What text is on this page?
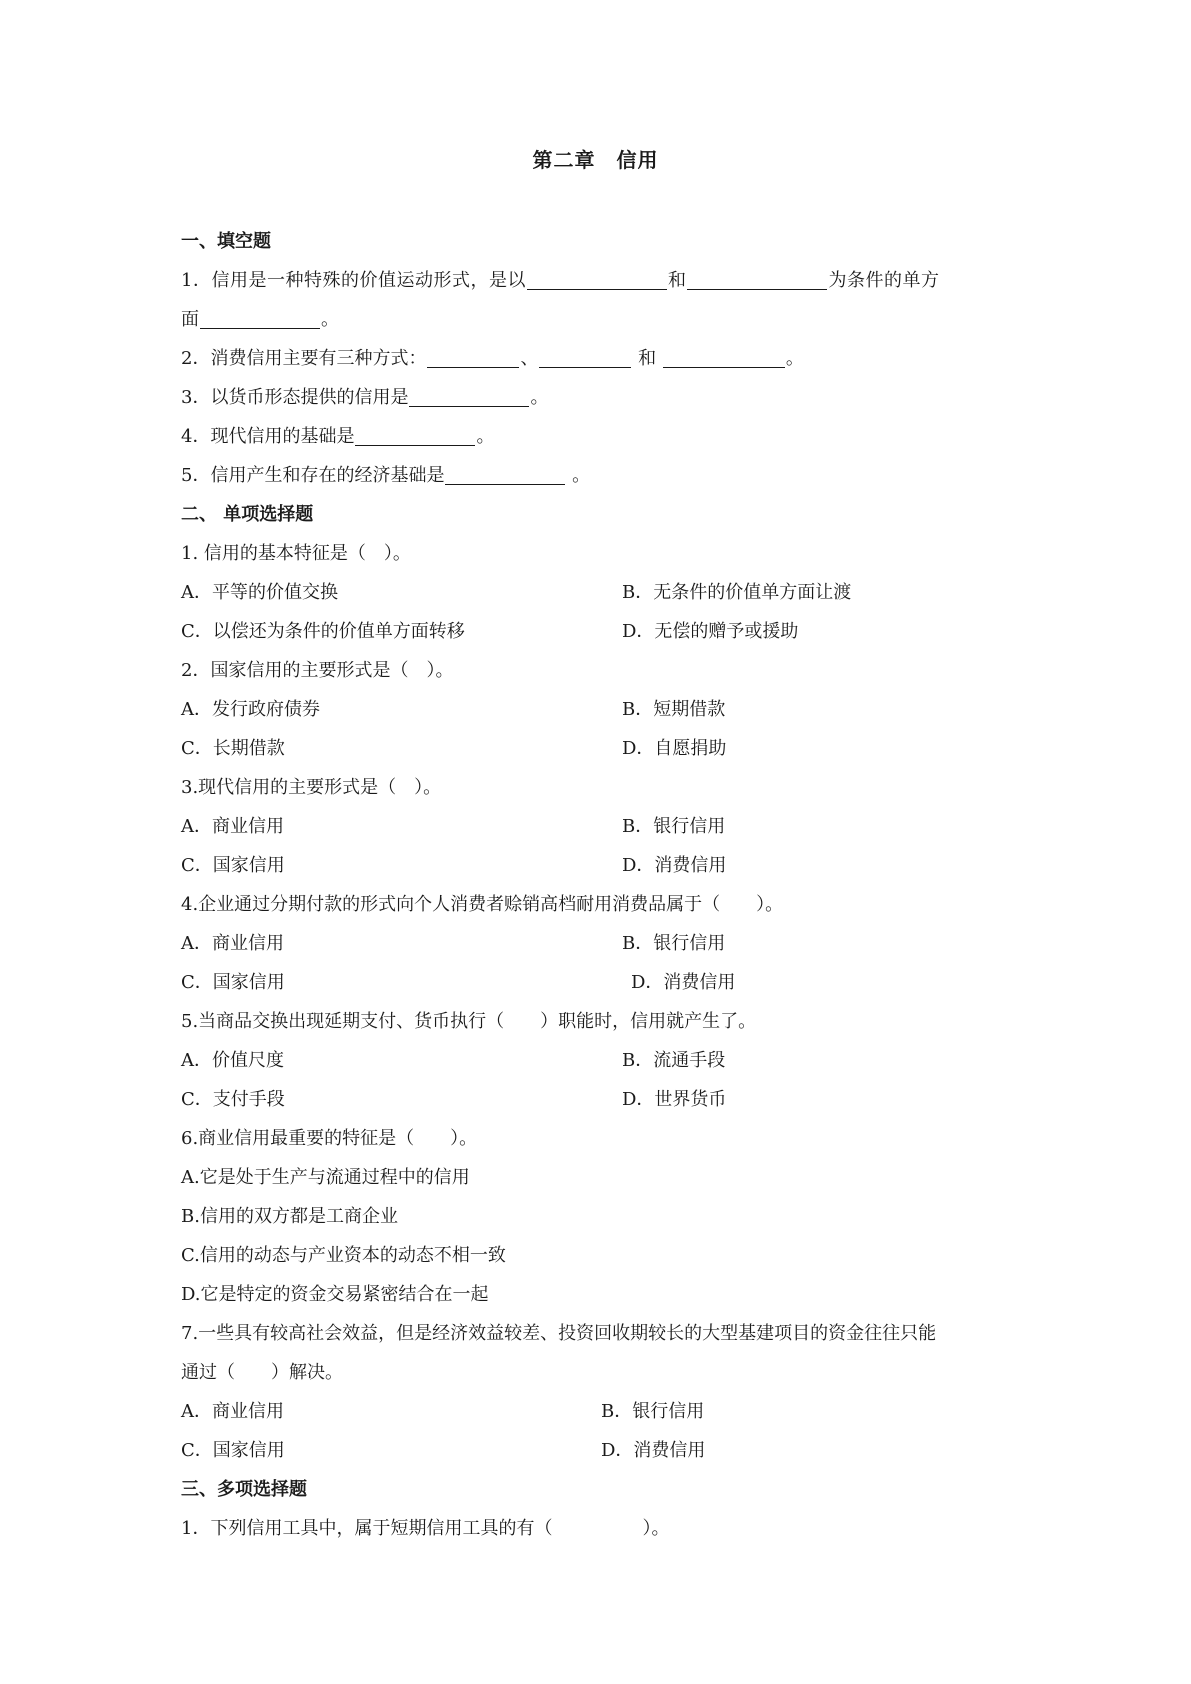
第二章　信用
一、填空题
1．信用是一种特殊的价值运动形式，是以	和	为条件的单方
面	。
2．消费信用主要有三种方式：	、	和	。
3．以货币形态提供的信用是	。
4．现代信用的基础是	。
5．信用产生和存在的经济基础是	。
二、 单项选择题
1. 信用的基本特征是（　）。
A．平等的价值交换	B．无条件的价值单方面让渡
C．以偿还为条件的价值单方面转移	D．无偿的赠予或援助
2．国家信用的主要形式是（　）。
A．发行政府债券	B．短期借款
C．长期借款	D．自愿捐助
3.现代信用的主要形式是（　）。
A．商业信用	B．银行信用
C．国家信用	D．消费信用
4.企业通过分期付款的形式向个人消费者赊销高档耐用消费品属于（　　）。
A．商业信用	B．银行信用
C．国家信用	D．消费信用
5.当商品交换出现延期支付、货币执行（　　）职能时，信用就产生了。
A．价值尺度	B．流通手段
C．支付手段	D．世界货币
6.商业信用最重要的特征是（　　）。
A.它是处于生产与流通过程中的信用
B.信用的双方都是工商企业
C.信用的动态与产业资本的动态不相一致
D.它是特定的资金交易紧密结合在一起
7.一些具有较高社会效益，但是经济效益较差、投资回收期较长的大型基建项目的资金往往只能
通过（　　）解决。
A．商业信用	B．银行信用
C．国家信用	D．消费信用
三、多项选择题
1．下列信用工具中，属于短期信用工具的有（　　　　　）。
